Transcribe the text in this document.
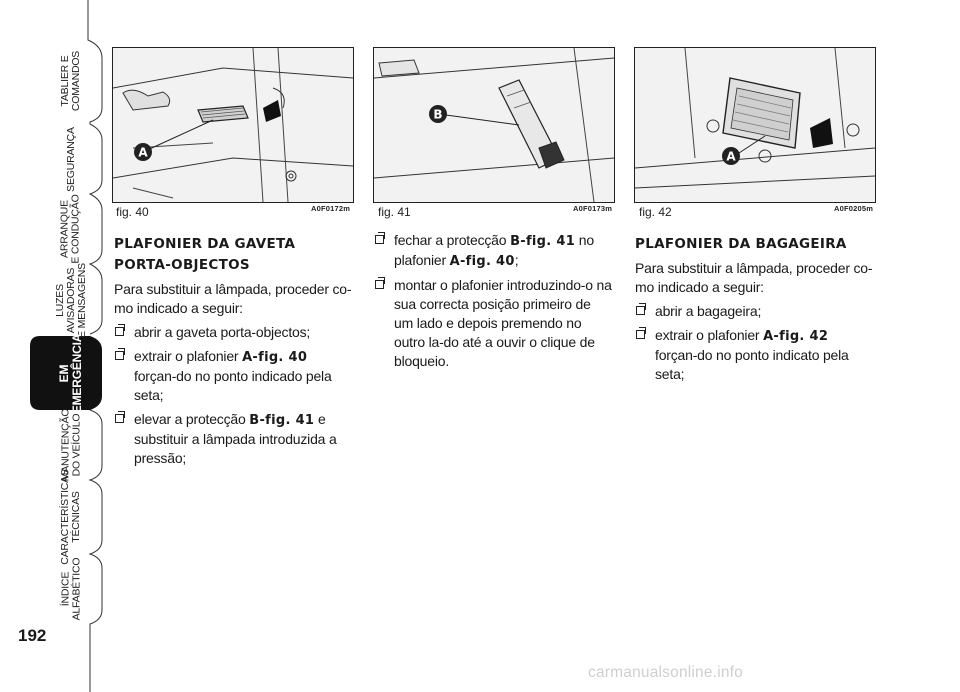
TABLIER E COMANDOS
SEGURANÇA
ARRANQUE E CONDUÇÃO
LUZES AVISADORAS E MENSAGENS
EM
EMERGÊNCIA
MANUTENÇÃO DO VEÍCULO
CARACTERÍSTICAS TÉCNICAS
ÍNDICE ALFABÉTICO
192
A
fig. 40	A0F0172m
B
fig. 41	A0F0173m
A
fig. 42	A0F0205m
PLAFONIER DA GAVETA
PORTA-OBJECTOS

Para substituir a lâmpada, proceder co-mo indicado a seguir:

abrir a gaveta porta-objectos;
extrair o plafonier A-fig. 40 forçan-do no ponto indicado pela seta;
elevar a protecção B-fig. 41 e substituir a lâmpada introduzida a pressão;
fechar a protecção B-fig. 41 no plafonier A-fig. 40;
montar o plafonier introduzindo-o na sua correcta posição primeiro de um lado e depois premendo no outro la-do até a ouvir o clique de bloqueio.
PLAFONIER DA BAGAGEIRA

Para substituir a lâmpada, proceder co-mo indicado a seguir:

abrir a bagageira;
extrair o plafonier A-fig. 42 forçan-do no ponto indicato pela seta;
carmanualsonline.info
